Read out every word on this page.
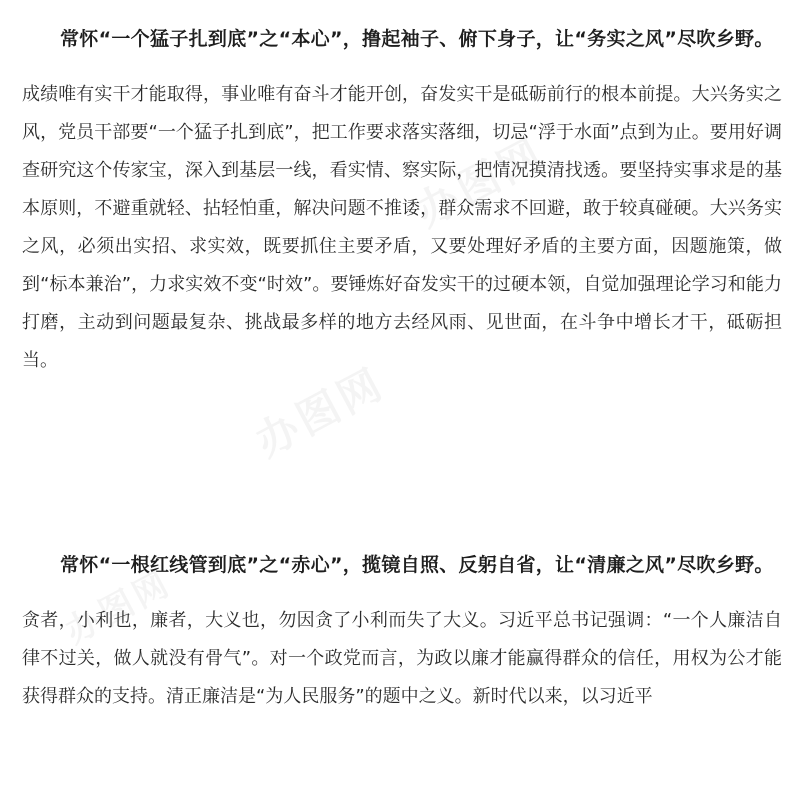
常怀“一个猛子扎到底”之“本心”，撸起袖子、俯下身子，让“务实之风”尽吹乡野。

成绩唯有实干才能取得，事业唯有奋斗才能开创，奋发实干是砥砺前行的根本前提。大兴务实之风，党员干部要“一个猛子扎到底”，把工作要求落实落细，切忌“浮于水面”点到为止。要用好调查研究这个传家宝，深入到基层一线，看实情、察实际，把情况摸清找透。要坚持实事求是的基本原则，不避重就轻、拈轻怕重，解决问题不推诿，群众需求不回避，敢于较真碰硬。大兴务实之风，必须出实招、求实效，既要抓住主要矛盾，又要处理好矛盾的主要方面，因题施策，做到“标本兼治”，力求实效不变“时效”。要锤炼好奋发实干的过硬本领，自觉加强理论学习和能力打磨，主动到问题最复杂、挑战最多样的地方去经风雨、见世面，在斗争中增长才干，砥砺担当。

常怀“一根红线管到底”之“赤心”，揽镜自照、反躬自省，让“清廉之风”尽吹乡野。

贪者，小利也，廉者，大义也，勿因贪了小利而失了大义。习近平总书记强调：“一个人廉洁自律不过关，做人就没有骨气”。对一个政党而言，为政以廉才能赢得群众的信任，用权为公才能获得群众的支持。清正廉洁是“为人民服务”的题中之义。新时代以来，以习近平

办图网
办图网
办图网
